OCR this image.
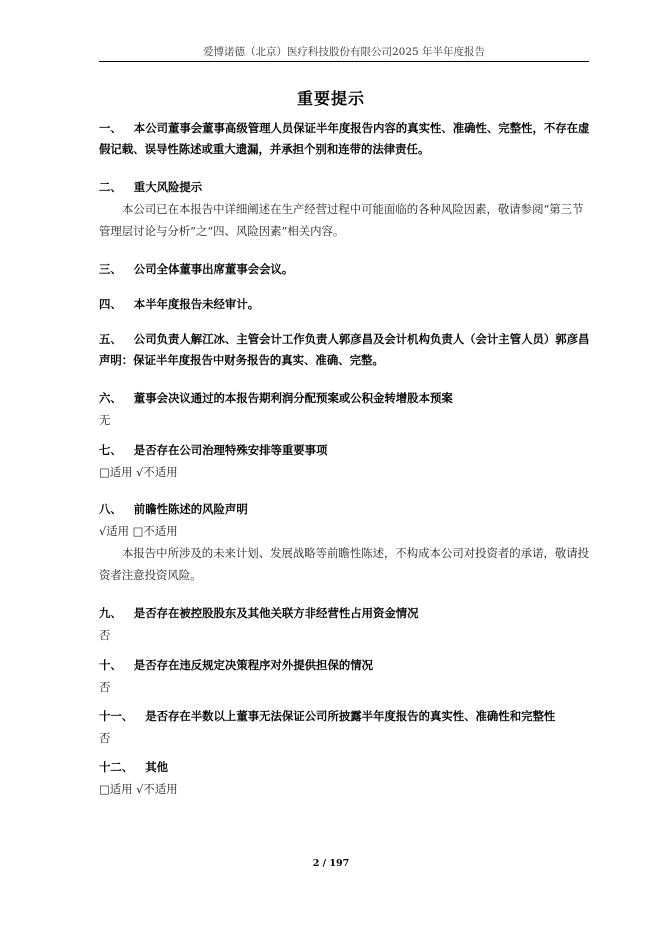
爱博诺德（北京）医疗科技股份有限公司2025 年半年度报告
重要提示
一、 本公司董事会董事高级管理人员保证半年度报告内容的真实性、准确性、完整性，不存在虚假记载、误导性陈述或重大遗漏，并承担个别和连带的法律责任。
二、 重大风险提示
本公司已在本报告中详细阐述在生产经营过程中可能面临的各种风险因素，敬请参阅“第三节管理层讨论与分析”之“四、风险因素”相关内容。
三、 公司全体董事出席董事会会议。
四、 本半年度报告未经审计。
五、 公司负责人解江冰、主管会计工作负责人郭彦昌及会计机构负责人（会计主管人员）郭彦昌声明：保证半年度报告中财务报告的真实、准确、完整。
六、 董事会决议通过的本报告期利润分配预案或公积金转增股本预案
无
七、 是否存在公司治理特殊安排等重要事项
□适用 √不适用
八、 前瞻性陈述的风险声明
√适用 □不适用
本报告中所涉及的未来计划、发展战略等前瞻性陈述，不构成本公司对投资者的承诺，敬请投资者注意投资风险。
九、 是否存在被控股股东及其他关联方非经营性占用资金情况
否
十、 是否存在违反规定决策程序对外提供担保的情况
否
十一、 是否存在半数以上董事无法保证公司所披露半年度报告的真实性、准确性和完整性
否
十二、 其他
□适用 √不适用
2 / 197
